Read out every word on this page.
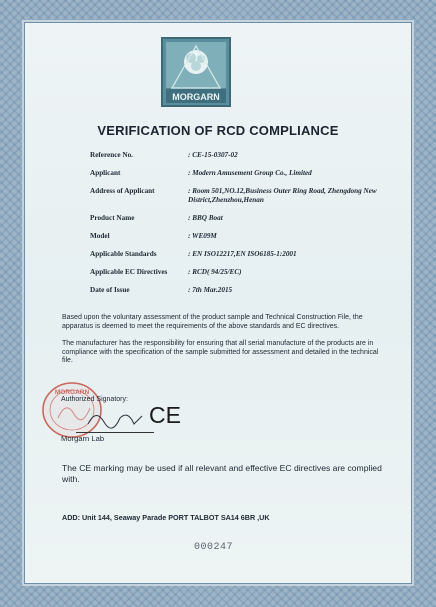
MORGARN
VERIFICATION OF RCD COMPLIANCE
Reference No.	: CE-15-0307-02
Applicant	: Modern Amusement Group Co., Limited
Address of Applicant	: Room 501,NO.12,Business Outer Ring Road, Zhengdong New District,Zhenzhou,Henan
Product Name	: BBQ Boat
Model	: WE09M
Applicable Standards	: EN ISO12217,EN ISO6185-1:2001
Applicable EC Directives	: RCD( 94/25/EC)
Date of Issue	: 7th Mar.2015
Based upon the voluntary assessment of the product sample and Technical Construction File, the apparatus is deemed to meet the requirements of the above standards and EC directives.
The manufacturer has the responsibility for ensuring that all serial manufacture of the products are in compliance with the specification of the sample submitted for assessment and detailed in the technical file.
MORGARN
Authorized Signatory:
Morgarn Lab
CE
The CE marking may be used if all relevant and effective EC directives are complied with.
ADD: Unit 144, Seaway Parade PORT TALBOT SA14 6BR ,UK
000247
